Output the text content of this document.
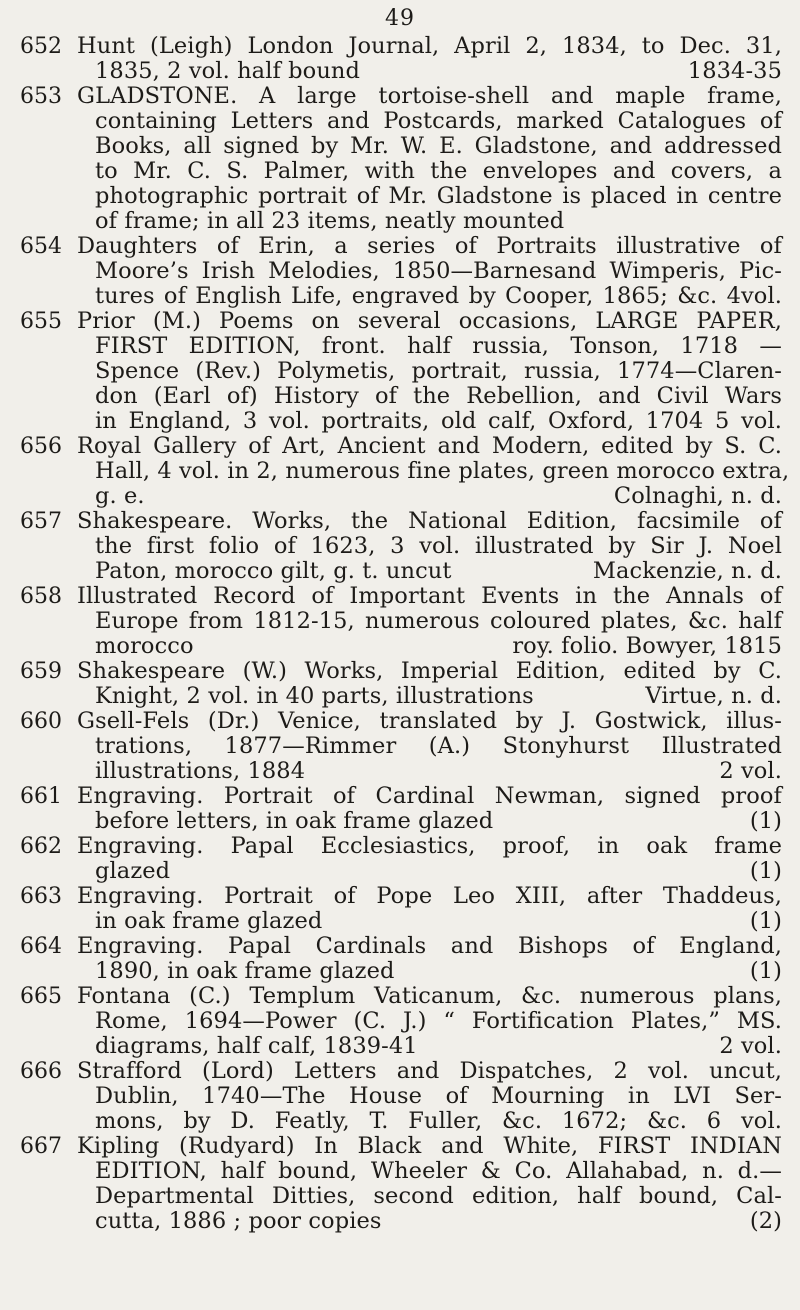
49
652 Hunt (Leigh) London Journal, April 2, 1834, to Dec. 31,
1835, 2 vol. half bound	1834-35
653 GLADSTONE. A large tortoise-shell and maple frame,
containing Letters and Postcards, marked Catalogues of
Books, all signed by Mr. W. E. Gladstone, and addressed
to Mr. C. S. Palmer, with the envelopes and covers, a
photographic portrait of Mr. Gladstone is placed in centre
of frame; in all 23 items, neatly mounted
654 Daughters of Erin, a series of Portraits illustrative of
Moore’s Irish Melodies, 1850—Barnesand Wimperis, Pic-
tures of English Life, engraved by Cooper, 1865; &c. 4vol.
655 Prior (M.) Poems on several occasions, LARGE PAPER,
FIRST EDITION, front. half russia, Tonson, 1718 —
Spence (Rev.) Polymetis, portrait, russia, 1774—Claren-
don (Earl of) History of the Rebellion, and Civil Wars
in England, 3 vol. portraits, old calf, Oxford, 1704 5 vol.
656 Royal Gallery of Art, Ancient and Modern, edited by S. C.
Hall, 4 vol. in 2, numerous fine plates, green morocco extra,
g. e.	Colnaghi, n. d.
657 Shakespeare. Works, the National Edition, facsimile of
the first folio of 1623, 3 vol. illustrated by Sir J. Noel
Paton, morocco gilt, g. t. uncut	Mackenzie, n. d.
658 Illustrated Record of Important Events in the Annals of
Europe from 1812-15, numerous coloured plates, &c. half
morocco	roy. folio. Bowyer, 1815
659 Shakespeare (W.) Works, Imperial Edition, edited by C.
Knight, 2 vol. in 40 parts, illustrations	Virtue, n. d.
660 Gsell-Fels (Dr.) Venice, translated by J. Gostwick, illus-
trations, 1877—Rimmer (A.) Stonyhurst Illustrated
illustrations, 1884	2 vol.
661 Engraving. Portrait of Cardinal Newman, signed proof
before letters, in oak frame glazed	(1)
662 Engraving. Papal Ecclesiastics, proof, in oak frame
glazed	(1)
663 Engraving. Portrait of Pope Leo XIII, after Thaddeus,
in oak frame glazed	(1)
664 Engraving. Papal Cardinals and Bishops of England,
1890, in oak frame glazed	(1)
665 Fontana (C.) Templum Vaticanum, &c. numerous plans,
Rome, 1694—Power (C. J.) “ Fortification Plates,” MS.
diagrams, half calf, 1839-41	2 vol.
666 Strafford (Lord) Letters and Dispatches, 2 vol. uncut,
Dublin, 1740—The House of Mourning in LVI Ser-
mons, by D. Featly, T. Fuller, &c. 1672; &c. 6 vol.
667 Kipling (Rudyard) In Black and White, FIRST INDIAN
EDITION, half bound, Wheeler & Co. Allahabad, n. d.—
Departmental Ditties, second edition, half bound, Cal-
cutta, 1886 ; poor copies	(2)
